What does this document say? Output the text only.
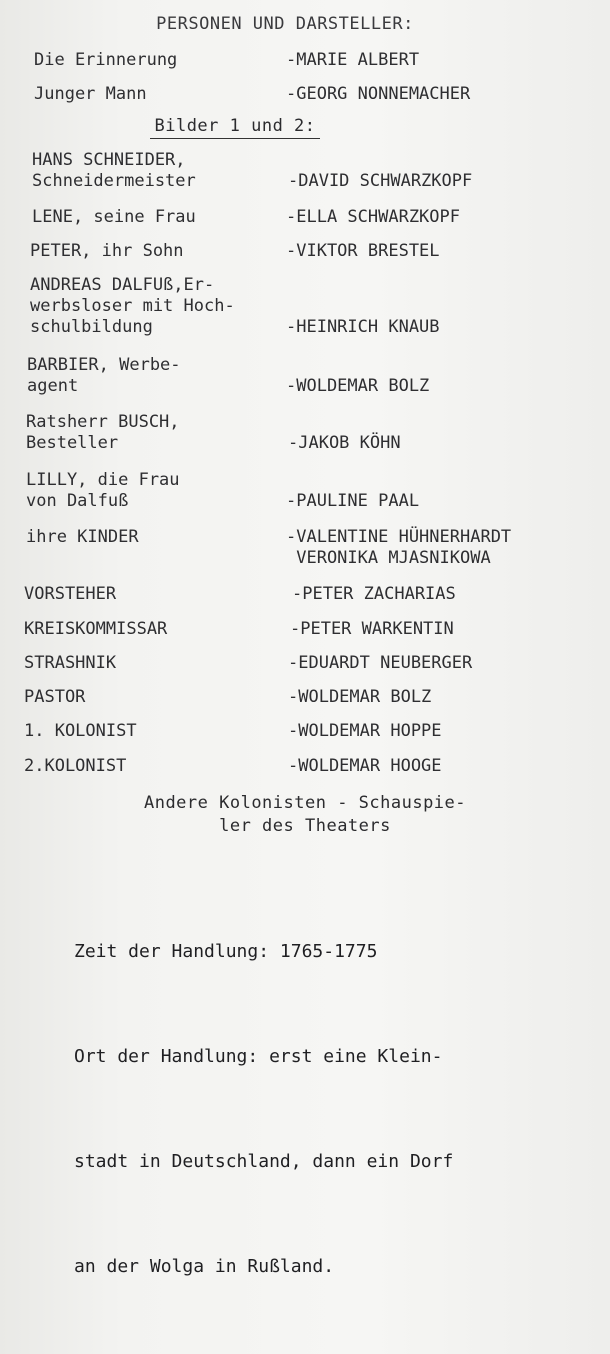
PERSONEN UND DARSTELLER:
Die Erinnerung	-MARIE ALBERT
Junger Mann	-GEORG NONNEMACHER
Bilder 1 und 2:
HANS SCHNEIDER,
Schneidermeister	-DAVID SCHWARZKOPF
LENE, seine Frau	-ELLA SCHWARZKOPF
PETER, ihr Sohn	-VIKTOR BRESTEL
ANDREAS DALFUß,Er-
werbsloser mit Hoch-
schulbildung	-HEINRICH KNAUB
BARBIER, Werbe-
agent	-WOLDEMAR BOLZ
Ratsherr BUSCH,
Besteller	-JAKOB KÖHN
LILLY, die Frau
von Dalfuß	-PAULINE PAAL
ihre KINDER	-VALENTINE HÜHNERHARDT
VERONIKA MJASNIKOWA
VORSTEHER	-PETER ZACHARIAS
KREISKOMMISSAR	-PETER WARKENTIN
STRASHNIK	-EDUARDT NEUBERGER
PASTOR	-WOLDEMAR BOLZ
1. KOLONIST	-WOLDEMAR HOPPE
2.KOLONIST	-WOLDEMAR HOOGE
Andere Kolonisten - Schauspie-
ler des Theaters

Zeit der Handlung: 1765-1775

Ort der Handlung: erst eine Klein-

stadt in Deutschland, dann ein Dorf

an der Wolga in Rußland.
